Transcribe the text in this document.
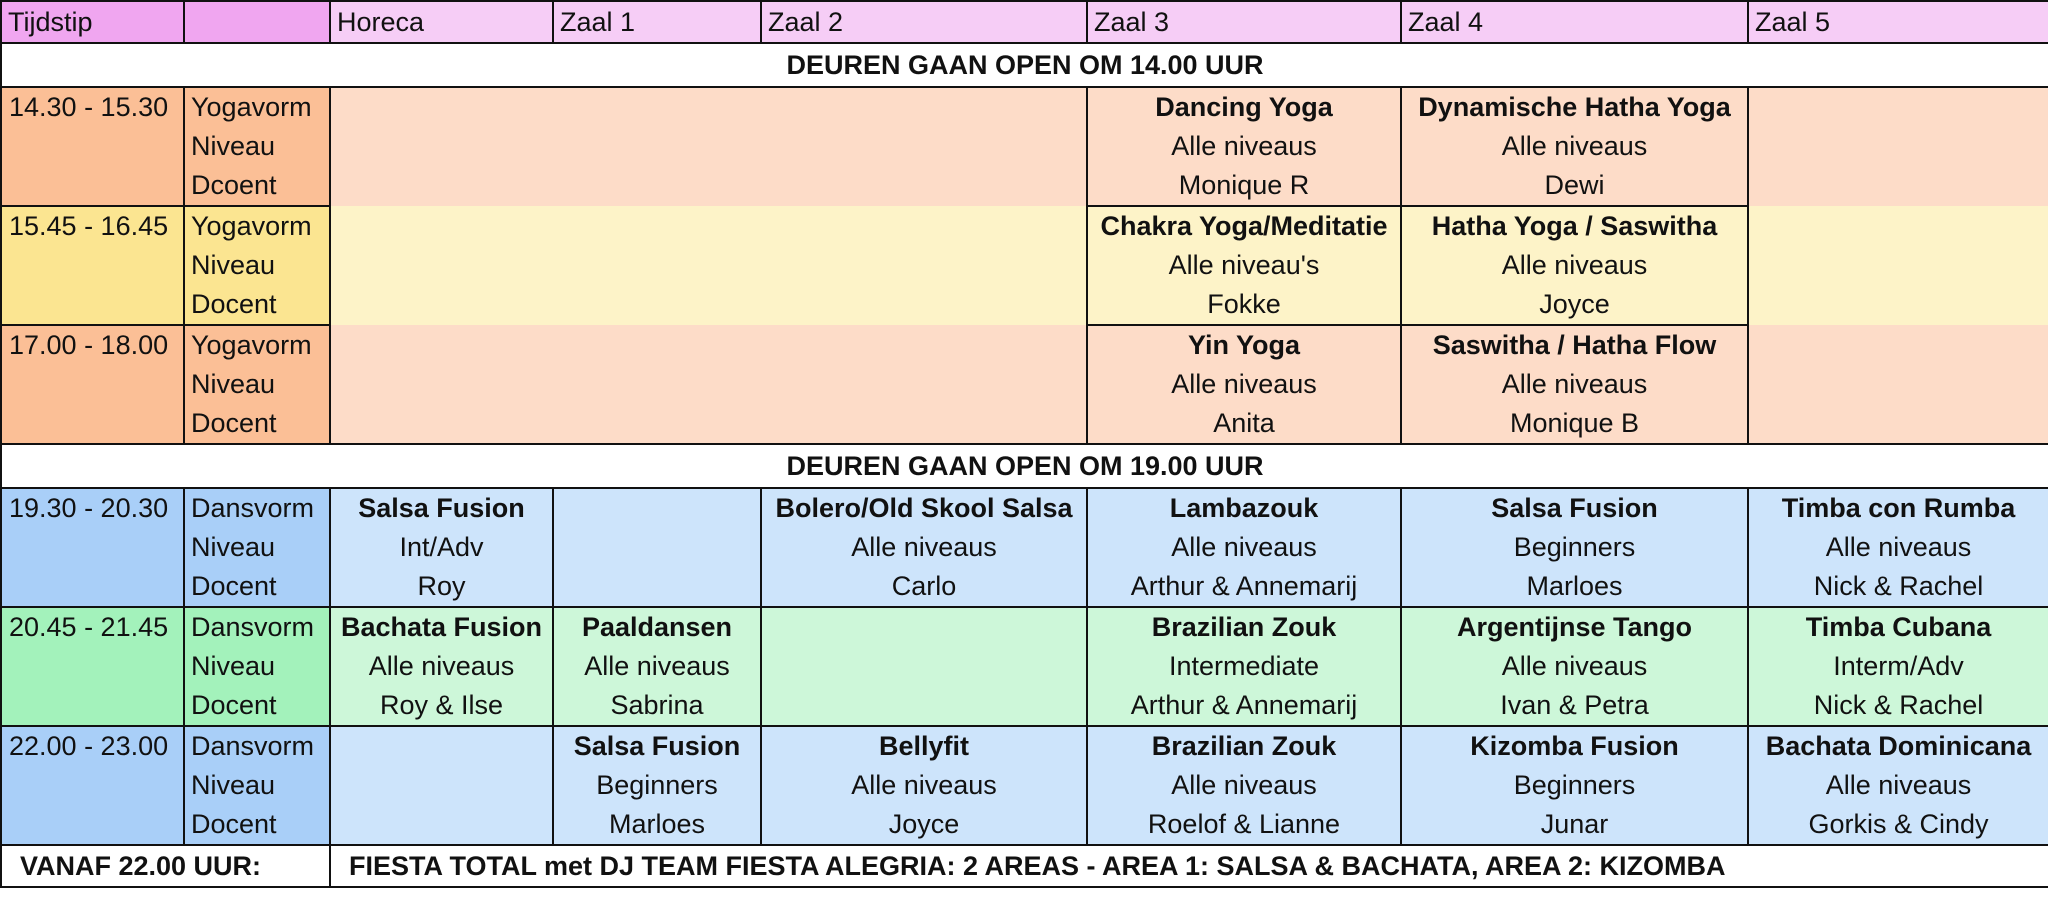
Tijdstip		Horeca	Zaal 1	Zaal 2	Zaal 3	Zaal 4	Zaal 5
DEUREN GAAN OPEN OM 14.00 UUR							
14.30 - 15.30	Yogavorm				Dancing Yoga	Dynamische Hatha Yoga	
	Niveau				Alle niveaus	Alle niveaus	
	Dcoent				Monique R	Dewi	
15.45 - 16.45	Yogavorm				Chakra Yoga/Meditatie	Hatha Yoga / Saswitha	
	Niveau				Alle niveau's	Alle niveaus	
	Docent				Fokke	Joyce	
17.00 - 18.00	Yogavorm				Yin Yoga	Saswitha / Hatha Flow	
	Niveau				Alle niveaus	Alle niveaus	
	Docent				Anita	Monique B	
DEUREN GAAN OPEN OM 19.00 UUR							
19.30 - 20.30	Dansvorm	Salsa Fusion		Bolero/Old Skool Salsa	Lambazouk	Salsa Fusion	Timba con Rumba
	Niveau	Int/Adv		Alle niveaus	Alle niveaus	Beginners	Alle niveaus
	Docent	Roy		Carlo	Arthur & Annemarij	Marloes	Nick & Rachel
20.45 - 21.45	Dansvorm	Bachata Fusion	Paaldansen		Brazilian Zouk	Argentijnse Tango	Timba Cubana
	Niveau	Alle niveaus	Alle niveaus		Intermediate	Alle niveaus	Interm/Adv
	Docent	Roy & Ilse	Sabrina		Arthur & Annemarij	Ivan & Petra	Nick & Rachel
22.00 - 23.00	Dansvorm		Salsa Fusion	Bellyfit	Brazilian Zouk	Kizomba Fusion	Bachata Dominicana
	Niveau		Beginners	Alle niveaus	Alle niveaus	Beginners	Alle niveaus
	Docent		Marloes	Joyce	Roelof & Lianne	Junar	Gorkis & Cindy
VANAF 22.00 UUR:		FIESTA TOTAL met DJ TEAM FIESTA ALEGRIA: 2 AREAS - AREA 1: SALSA & BACHATA, AREA 2: KIZOMBA					
